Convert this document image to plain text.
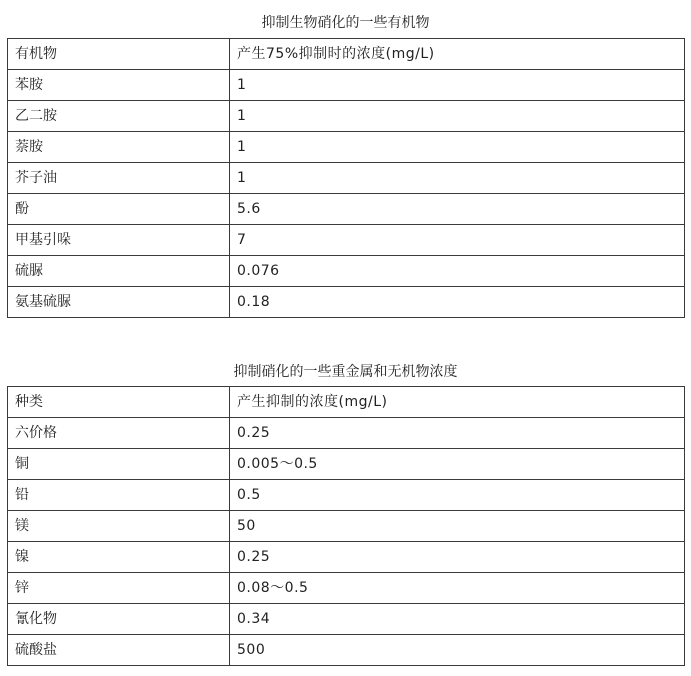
抑制生物硝化的一些有机物
有机物	产生75%抑制时的浓度(mg/L)
苯胺	1
乙二胺	1
萘胺	1
芥子油	1
酚	5.6
甲基引哚	7
硫脲	0.076
氨基硫脲	0.18
抑制硝化的一些重金属和无机物浓度
种类	产生抑制的浓度(mg/L)
六价格	0.25
铜	0.005～0.5
铅	0.5
镁	50
镍	0.25
锌	0.08～0.5
氰化物	0.34
硫酸盐	500
